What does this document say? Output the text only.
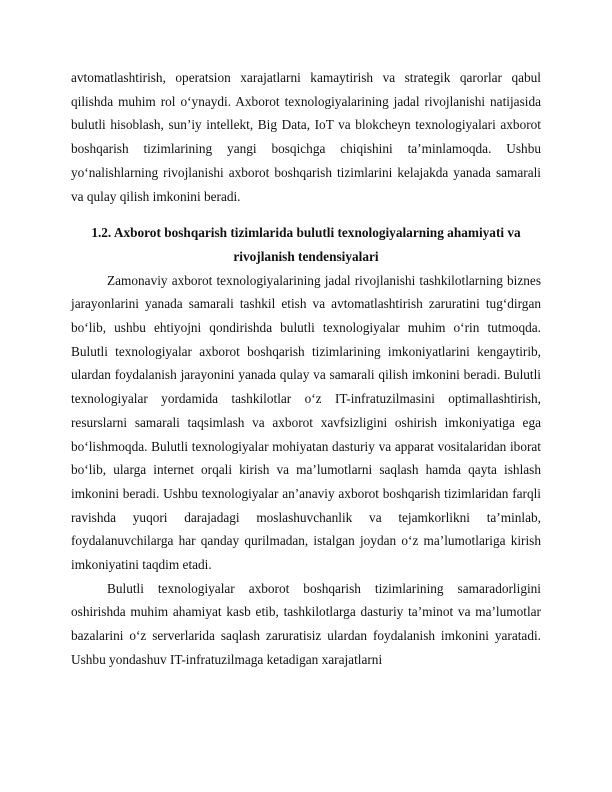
avtomatlashtirish, operatsion xarajatlarni kamaytirish va strategik qarorlar qabul qilishda muhim rol o‘ynaydi. Axborot texnologiyalarining jadal rivojlanishi natijasida bulutli hisoblash, sun’iy intellekt, Big Data, IoT va blokcheyn texnologiyalari axborot boshqarish tizimlarining yangi bosqichga chiqishini ta’minlamoqda. Ushbu yo‘nalishlarning rivojlanishi axborot boshqarish tizimlarini kelajakda yanada samarali va qulay qilish imkonini beradi.

1.2. Axborot boshqarish tizimlarida bulutli texnologiyalarning ahamiyati va rivojlanish tendensiyalari

Zamonaviy axborot texnologiyalarining jadal rivojlanishi tashkilotlarning biznes jarayonlarini yanada samarali tashkil etish va avtomatlashtirish zaruratini tug‘dirgan bo‘lib, ushbu ehtiyojni qondirishda bulutli texnologiyalar muhim o‘rin tutmoqda. Bulutli texnologiyalar axborot boshqarish tizimlarining imkoniyatlarini kengaytirib, ulardan foydalanish jarayonini yanada qulay va samarali qilish imkonini beradi. Bulutli texnologiyalar yordamida tashkilotlar o‘z IT-infratuzilmasini optimallashtirish, resurslarni samarali taqsimlash va axborot xavfsizligini oshirish imkoniyatiga ega bo‘lishmoqda. Bulutli texnologiyalar mohiyatan dasturiy va apparat vositalaridan iborat bo‘lib, ularga internet orqali kirish va ma’lumotlarni saqlash hamda qayta ishlash imkonini beradi. Ushbu texnologiyalar an’anaviy axborot boshqarish tizimlaridan farqli ravishda yuqori darajadagi moslashuvchanlik va tejamkorlikni ta’minlab, foydalanuvchilarga har qanday qurilmadan, istalgan joydan o‘z ma’lumotlariga kirish imkoniyatini taqdim etadi.

Bulutli texnologiyalar axborot boshqarish tizimlarining samaradorligini oshirishda muhim ahamiyat kasb etib, tashkilotlarga dasturiy ta’minot va ma’lumotlar bazalarini o‘z serverlarida saqlash zaruratisiz ulardan foydalanish imkonini yaratadi. Ushbu yondashuv IT-infratuzilmaga ketadigan xarajatlarni
